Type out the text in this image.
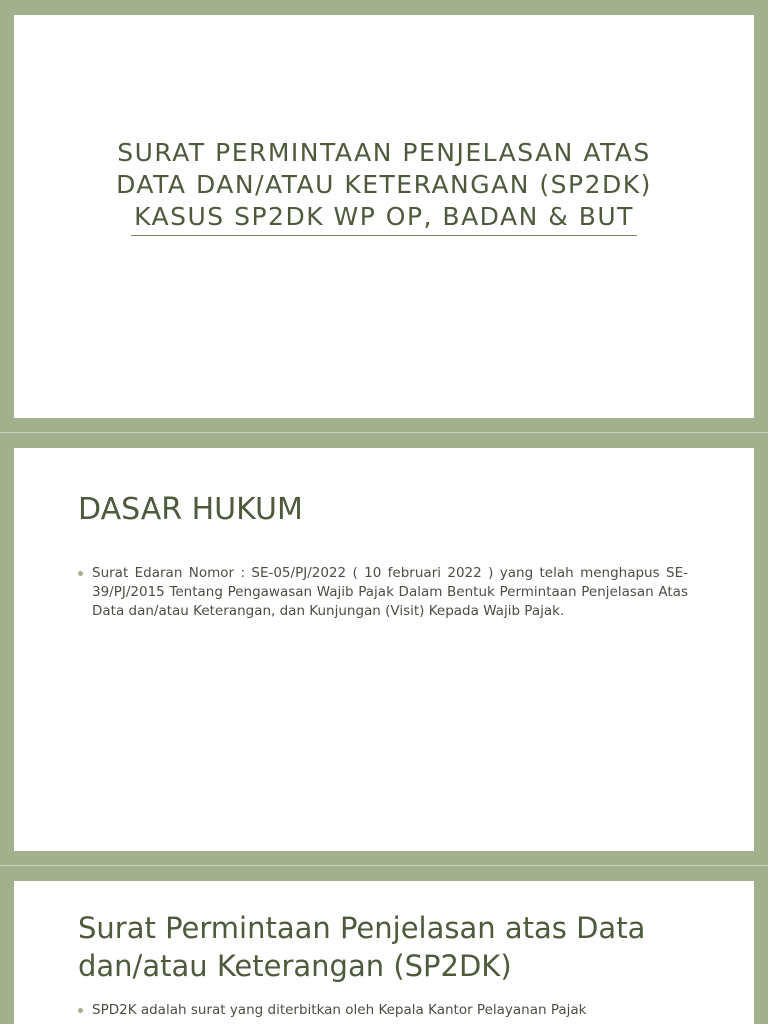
SURAT PERMINTAAN PENJELASAN ATAS
DATA DAN/ATAU KETERANGAN (SP2DK)
KASUS SP2DK WP OP, BADAN & BUT
DASAR HUKUM
Surat Edaran Nomor : SE-05/PJ/2022 ( 10 februari 2022 ) yang telah menghapus SE-39/PJ/2015 Tentang Pengawasan Wajib Pajak Dalam Bentuk Permintaan Penjelasan Atas Data dan/atau Keterangan, dan Kunjungan (Visit) Kepada Wajib Pajak.
Surat Permintaan Penjelasan atas Data dan/atau Keterangan (SP2DK)
SPD2K adalah surat yang diterbitkan oleh Kepala Kantor Pelayanan Pajak
